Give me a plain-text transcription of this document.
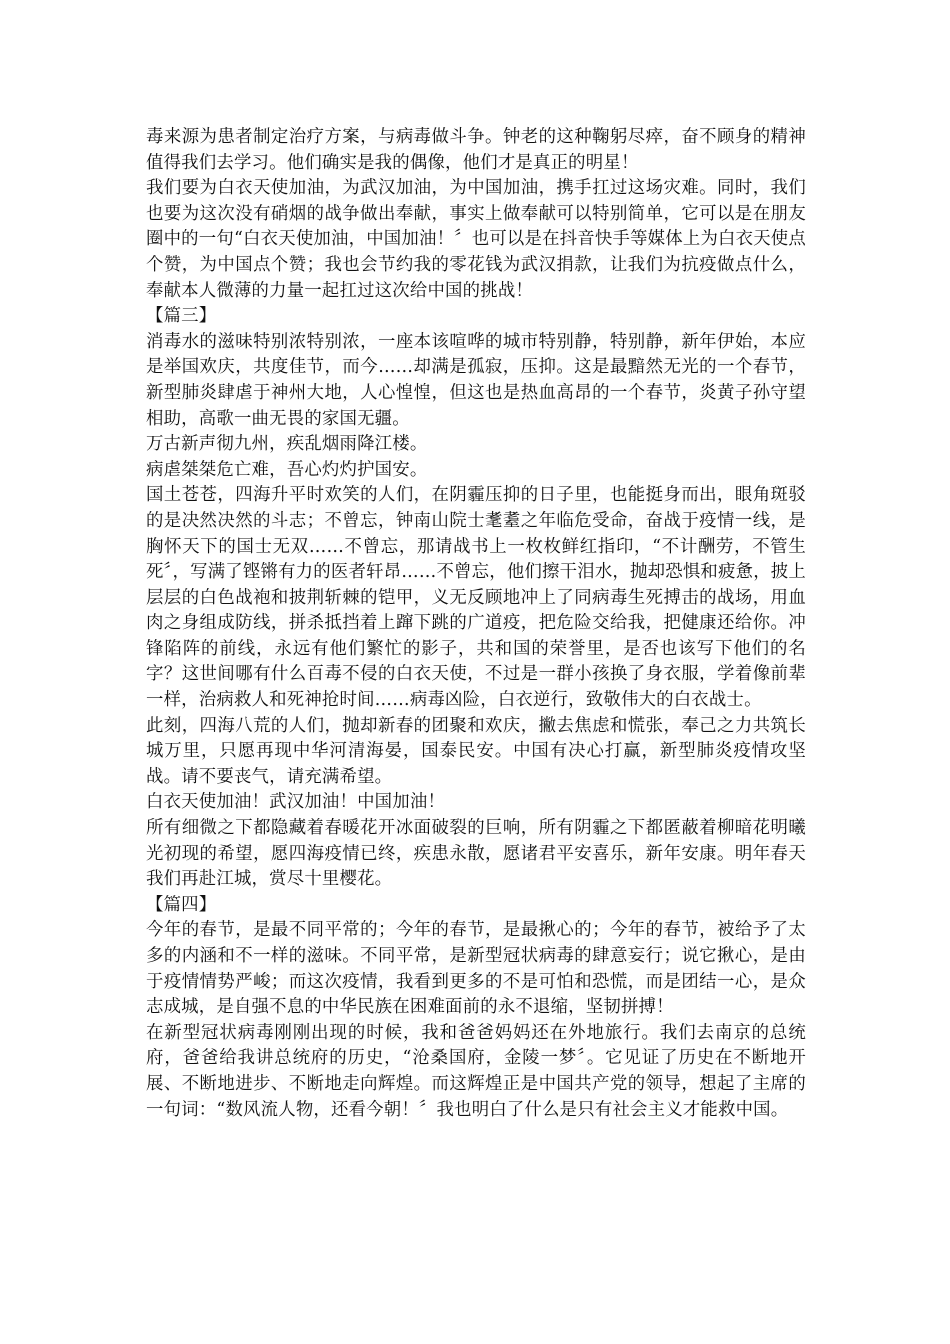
毒来源为患者制定治疗方案，与病毒做斗争。钟老的这种鞠躬尽瘁，奋不顾身的精神值得我们去学习。他们确实是我的偶像，他们才是真正的明星！

我们要为白衣天使加油，为武汉加油，为中国加油，携手扛过这场灾难。同时，我们也要为这次没有硝烟的战争做出奉献，事实上做奉献可以特别简单，它可以是在朋友圈中的一句“白衣天使加油，中国加油！〞也可以是在抖音快手等媒体上为白衣天使点个赞，为中国点个赞；我也会节约我的零花钱为武汉捐款，让我们为抗疫做点什么，奉献本人微薄的力量一起扛过这次给中国的挑战！

【篇三】

消毒水的滋味特别浓特别浓，一座本该喧哗的城市特别静，特别静，新年伊始，本应是举国欢庆，共度佳节，而今……却满是孤寂，压抑。这是最黯然无光的一个春节，新型肺炎肆虐于神州大地，人心惶惶，但这也是热血高昂的一个春节，炎黄子孙守望相助，高歌一曲无畏的家国无疆。

万古新声彻九州，疾乱烟雨降江楼。

病虐桀桀危亡难，吾心灼灼护国安。

国土苍苍，四海升平时欢笑的人们，在阴霾压抑的日子里，也能挺身而出，眼角斑驳的是决然决然的斗志；不曾忘，钟南山院士耄耋之年临危受命，奋战于疫情一线，是胸怀天下的国士无双……不曾忘，那请战书上一枚枚鲜红指印，“不计酬劳，不管生死〞，写满了铿锵有力的医者轩昂……不曾忘，他们擦干泪水，抛却恐惧和疲惫，披上层层的白色战袍和披荆斩棘的铠甲，义无反顾地冲上了同病毒生死搏击的战场，用血肉之身组成防线，拼杀抵挡着上蹿下跳的广道疫，把危险交给我，把健康还给你。冲锋陷阵的前线，永远有他们繁忙的影子，共和国的荣誉里，是否也该写下他们的名字？这世间哪有什么百毒不侵的白衣天使，不过是一群小孩换了身衣服，学着像前辈一样，治病救人和死神抢时间……病毒凶险，白衣逆行，致敬伟大的白衣战士。

此刻，四海八荒的人们，抛却新春的团聚和欢庆，撇去焦虑和慌张，奉己之力共筑长城万里，只愿再现中华河清海晏，国泰民安。中国有决心打赢，新型肺炎疫情攻坚战。请不要丧气，请充满希望。

白衣天使加油！武汉加油！中国加油！

所有细微之下都隐藏着春暖花开冰面破裂的巨响，所有阴霾之下都匿蔽着柳暗花明曦光初现的希望，愿四海疫情已终，疾患永散，愿诸君平安喜乐，新年安康。明年春天我们再赴江城，赏尽十里樱花。

【篇四】

今年的春节，是最不同平常的；今年的春节，是最揪心的；今年的春节，被给予了太多的内涵和不一样的滋味。不同平常，是新型冠状病毒的肆意妄行；说它揪心，是由于疫情情势严峻；而这次疫情，我看到更多的不是可怕和恐慌，而是团结一心，是众志成城，是自强不息的中华民族在困难面前的永不退缩，坚韧拼搏！

在新型冠状病毒刚刚出现的时候，我和爸爸妈妈还在外地旅行。我们去南京的总统府，爸爸给我讲总统府的历史，“沧桑国府，金陵一梦〞。它见证了历史在不断地开展、不断地进步、不断地走向辉煌。而这辉煌正是中国共产党的领导，想起了主席的一句词：“数风流人物，还看今朝！〞我也明白了什么是只有社会主义才能救中国。
